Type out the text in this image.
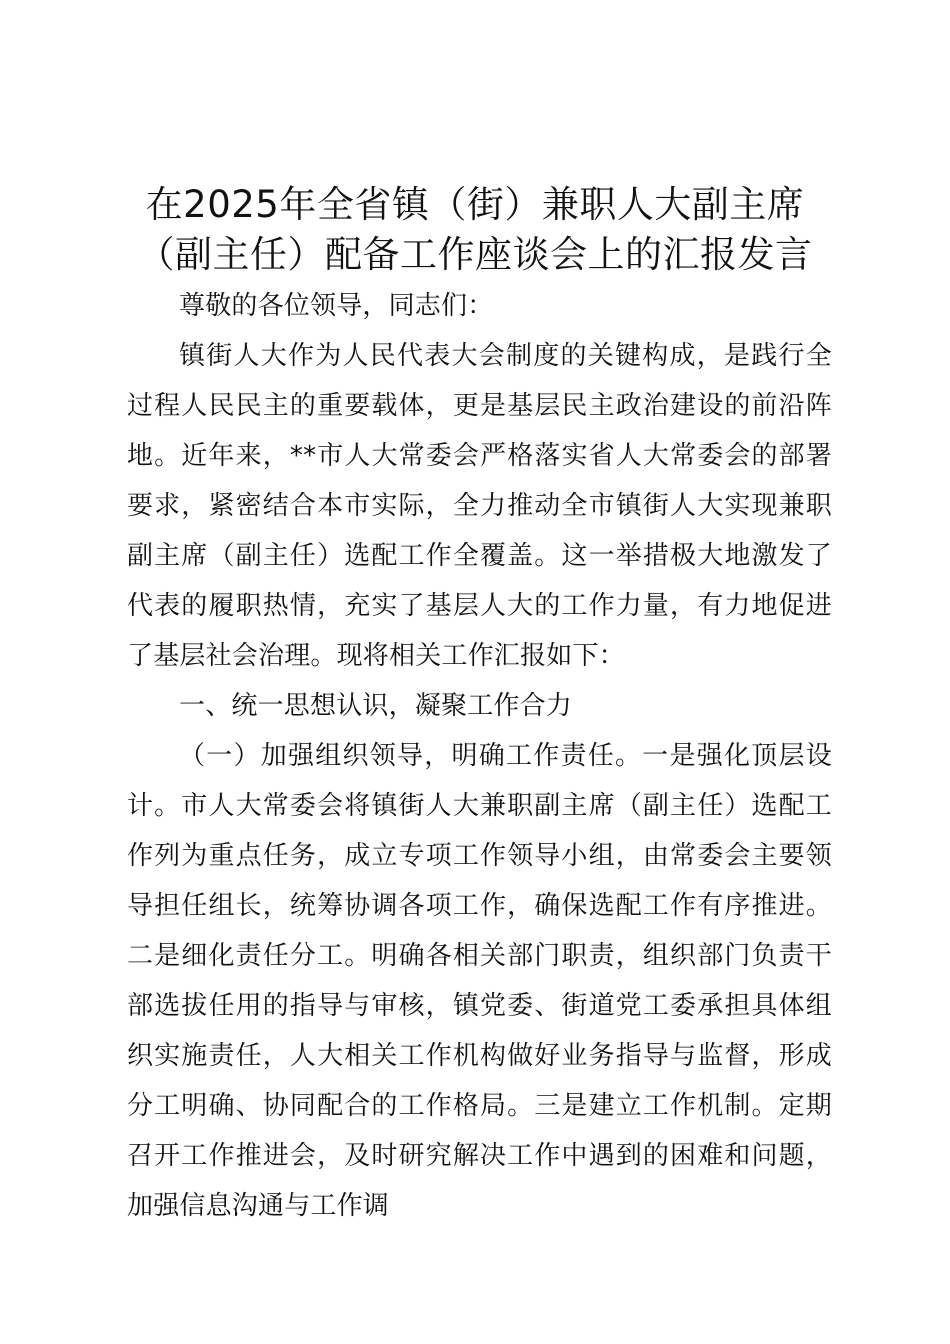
在2025年全省镇（街）兼职人大副主席（副主任）配备工作座谈会上的汇报发言

尊敬的各位领导，同志们：

镇街人大作为人民代表大会制度的关键构成，是践行全过程人民民主的重要载体，更是基层民主政治建设的前沿阵地。近年来，**市人大常委会严格落实省人大常委会的部署要求，紧密结合本市实际，全力推动全市镇街人大实现兼职副主席（副主任）选配工作全覆盖。这一举措极大地激发了代表的履职热情，充实了基层人大的工作力量，有力地促进了基层社会治理。现将相关工作汇报如下：

一、统一思想认识，凝聚工作合力

（一）加强组织领导，明确工作责任。一是强化顶层设计。市人大常委会将镇街人大兼职副主席（副主任）选配工作列为重点任务，成立专项工作领导小组，由常委会主要领导担任组长，统筹协调各项工作，确保选配工作有序推进。二是细化责任分工。明确各相关部门职责，组织部门负责干部选拔任用的指导与审核，镇党委、街道党工委承担具体组织实施责任，人大相关工作机构做好业务指导与监督，形成分工明确、协同配合的工作格局。三是建立工作机制。定期召开工作推进会，及时研究解决工作中遇到的困难和问题，加强信息沟通与工作调
